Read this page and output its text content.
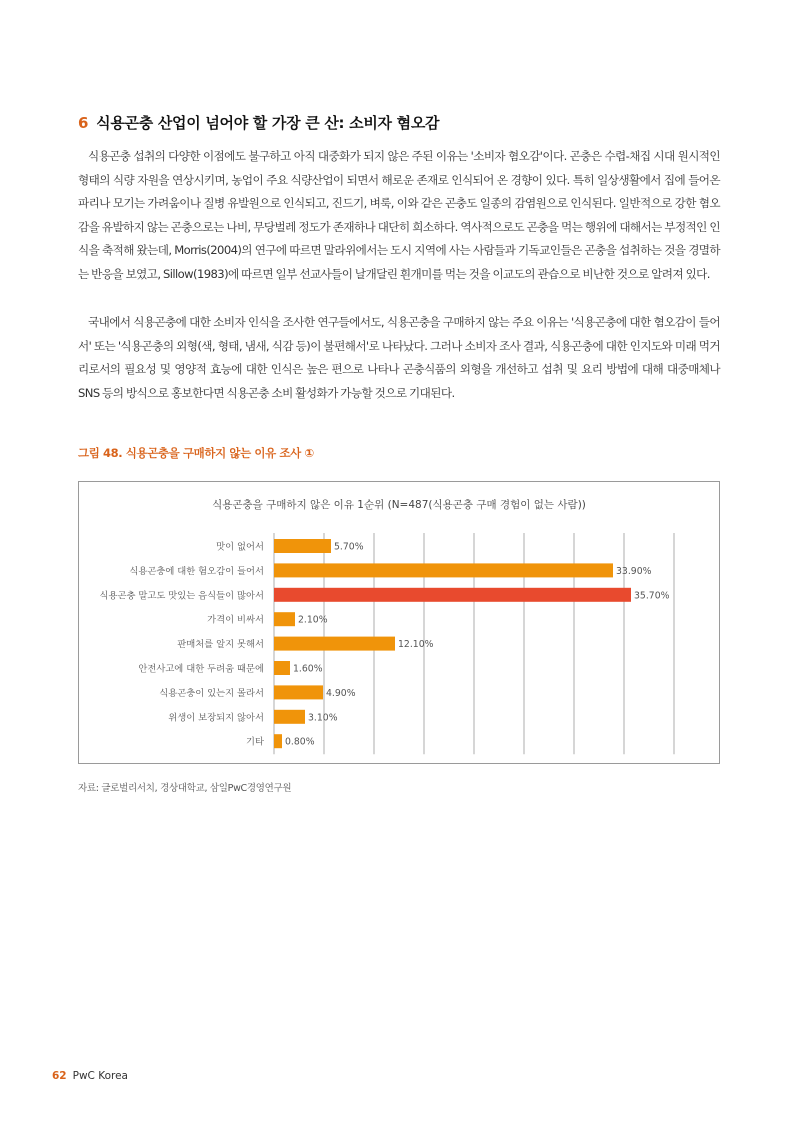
6 식용곤충 산업이 넘어야 할 가장 큰 산: 소비자 혐오감

식용곤충 섭취의 다양한 이점에도 불구하고 아직 대중화가 되지 않은 주된 이유는 '소비자 혐오감'이다. 곤충은 수렵-채집 시대 원시적인 형태의 식량 자원을 연상시키며, 농업이 주요 식량산업이 되면서 해로운 존재로 인식되어 온 경향이 있다. 특히 일상생활에서 집에 들어온 파리나 모기는 가려움이나 질병 유발원으로 인식되고, 진드기, 벼룩, 이와 같은 곤충도 일종의 감염원으로 인식된다. 일반적으로 강한 혐오감을 유발하지 않는 곤충으로는 나비, 무당벌레 정도가 존재하나 대단히 희소하다. 역사적으로도 곤충을 먹는 행위에 대해서는 부정적인 인식을 축적해 왔는데, Morris(2004)의 연구에 따르면 말라위에서는 도시 지역에 사는 사람들과 기독교인들은 곤충을 섭취하는 것을 경멸하는 반응을 보였고, Sillow(1983)에 따르면 일부 선교사들이 날개달린 흰개미를 먹는 것을 이교도의 관습으로 비난한 것으로 알려져 있다.

국내에서 식용곤충에 대한 소비자 인식을 조사한 연구들에서도, 식용곤충을 구매하지 않는 주요 이유는 '식용곤충에 대한 혐오감이 들어서' 또는 '식용곤충의 외형(색, 형태, 냄새, 식감 등)이 불편해서'로 나타났다. 그러나 소비자 조사 결과, 식용곤충에 대한 인지도와 미래 먹거리로서의 필요성 및 영양적 효능에 대한 인식은 높은 편으로 나타나 곤충식품의 외형을 개선하고 섭취 및 요리 방법에 대해 대중매체나 SNS 등의 방식으로 홍보한다면 식용곤충 소비 활성화가 가능할 것으로 기대된다.

그림 48. 식용곤충을 구매하지 않는 이유 조사 ①
식용곤충을 구매하지 않은 이유 1순위 (N=487(식용곤충 구매 경험이 없는 사람))
맛이 없어서	5.70%
식용곤충에 대한 혐오감이 들어서	33.90%
식용곤충 말고도 맛있는 음식들이 많아서	35.70%
가격이 비싸서	2.10%
판매처를 알지 못해서	12.10%
안전사고에 대한 두려움 때문에	1.60%
식용곤충이 있는지 몰라서	4.90%
위생이 보장되지 않아서	3.10%
기타 0.80%
자료: 글로벌리서치, 경상대학교, 삼일PwC경영연구원
62 PwC Korea
